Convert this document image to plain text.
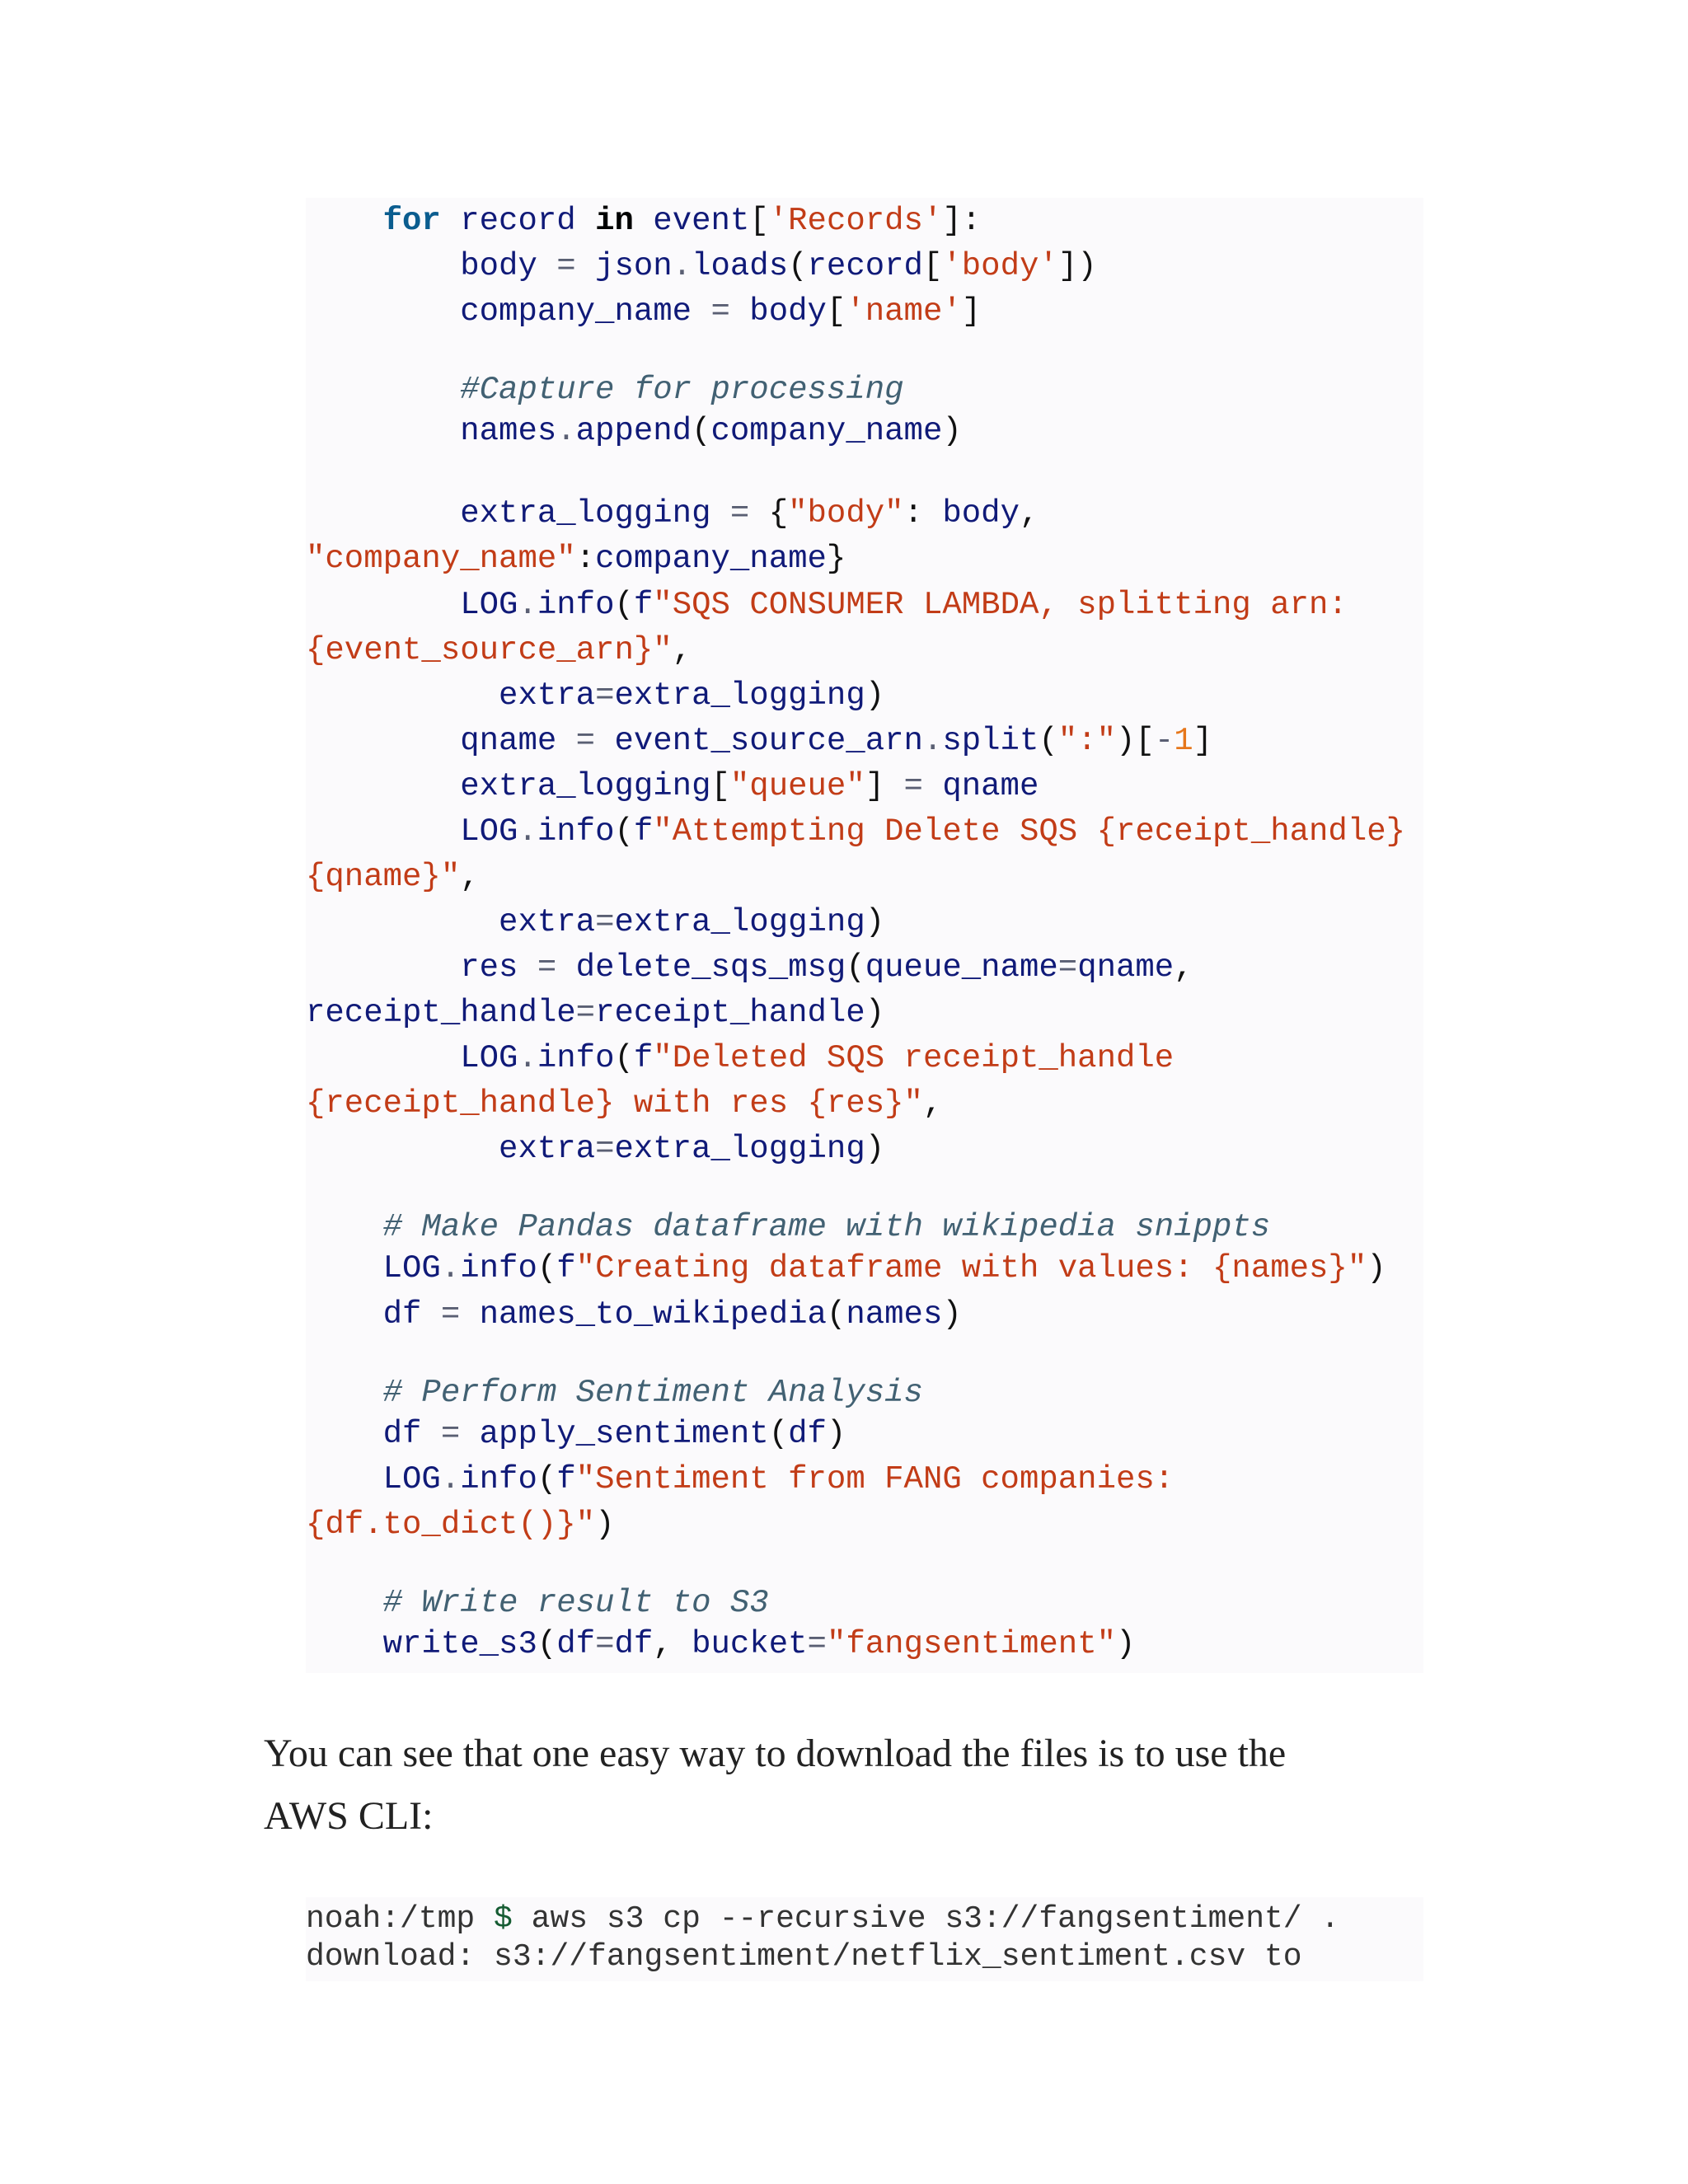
for record in event['Records']:
body = json.loads(record['body'])
company_name = body['name']
#Capture for processing
names.append(company_name)
extra_logging = {"body": body,
"company_name":company_name}
LOG.info(f"SQS CONSUMER LAMBDA, splitting arn:
{event_source_arn}",
extra=extra_logging)
qname = event_source_arn.split(":")[-1]
extra_logging["queue"] = qname
LOG.info(f"Attempting Delete SQS {receipt_handle}
{qname}",
extra=extra_logging)
res = delete_sqs_msg(queue_name=qname,
receipt_handle=receipt_handle)
LOG.info(f"Deleted SQS receipt_handle
{receipt_handle} with res {res}",
extra=extra_logging)
# Make Pandas dataframe with wikipedia snippts
LOG.info(f"Creating dataframe with values: {names}")
df = names_to_wikipedia(names)
# Perform Sentiment Analysis
df = apply_sentiment(df)
LOG.info(f"Sentiment from FANG companies:
{df.to_dict()}")
# Write result to S3
write_s3(df=df, bucket="fangsentiment")
You can see that one easy way to download the files is to use the
AWS CLI:
noah:/tmp $ aws s3 cp --recursive s3://fangsentiment/ .
download: s3://fangsentiment/netflix_sentiment.csv to
